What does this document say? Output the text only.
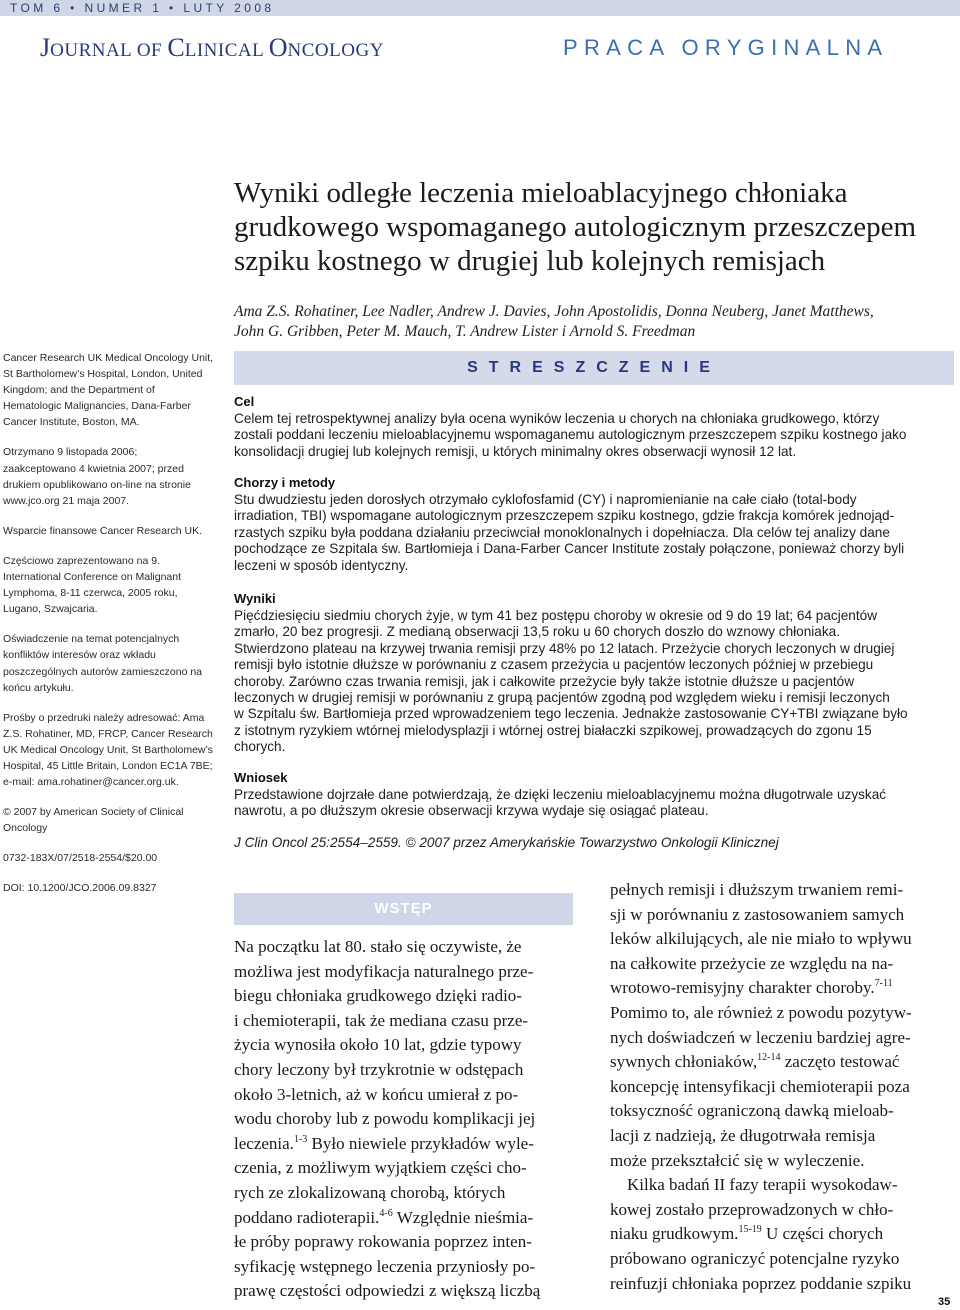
TOM 6 • NUMER 1 • LUTY 2008
JOURNAL OF CLINICAL ONCOLOGY	PRACA ORYGINALNA
Wyniki odległe leczenia mieloablacyjnego chłoniaka
grudkowego wspomaganego autologicznym przeszczepem
szpiku kostnego w drugiej lub kolejnych remisjach
Ama Z.S. Rohatiner, Lee Nadler, Andrew J. Davies, John Apostolidis, Donna Neuberg, Janet Matthews,
John G. Gribben, Peter M. Mauch, T. Andrew Lister i Arnold S. Freedman

Cancer Research UK Medical Oncology Unit,
St Bartholomew’s Hospital, London, United
Kingdom; and the Department of
Hematologic Malignancies, Dana-Farber
Cancer Institute, Boston, MA.

Otrzymano 9 listopada 2006;
zaakceptowano 4 kwietnia 2007; przed
drukiem opublikowano on-line na stronie
www.jco.org 21 maja 2007.

Wsparcie finansowe Cancer Research UK.

Częściowo zaprezentowano na 9.
International Conference on Malignant
Lymphoma, 8-11 czerwca, 2005 roku,
Lugano, Szwajcaria.

Oświadczenie na temat potencjalnych
konfliktów interesów oraz wkładu
poszczególnych autorów zamieszczono na
końcu artykułu.

Prośby o przedruki należy adresować: Ama
Z.S. Rohatiner, MD, FRCP, Cancer Research
UK Medical Oncology Unit, St Bartholomew’s
Hospital, 45 Little Britain, London EC1A 7BE;
e-mail: ama.rohatiner@cancer.org.uk.

© 2007 by American Society of Clinical
Oncology

0732-183X/07/2518-2554/$20.00

DOI: 10.1200/JCO.2006.09.8327

STRESZCZENIE
Cel
Celem tej retrospektywnej analizy była ocena wyników leczenia u chorych na chłoniaka grudkowego, którzy
zostali poddani leczeniu mieloablacyjnemu wspomaganemu autologicznym przeszczepem szpiku kostnego jako
konsolidacji drugiej lub kolejnych remisji, u których minimalny okres obserwacji wynosił 12 lat.
Chorzy i metody
Stu dwudziestu jeden dorosłych otrzymało cyklofosfamid (CY) i napromienianie na całe ciało (total-body
irradiation, TBI) wspomagane autologicznym przeszczepem szpiku kostnego, gdzie frakcja komórek jednojąd-
rzastych szpiku była poddana działaniu przeciwciał monoklonalnych i dopełniacza. Dla celów tej analizy dane
pochodzące ze Szpitala św. Bartłomieja i Dana-Farber Cancer Institute zostały połączone, ponieważ chorzy byli
leczeni w sposób identyczny.
Wyniki
Pięćdziesięciu siedmiu chorych żyje, w tym 41 bez postępu choroby w okresie od 9 do 19 lat; 64 pacjentów
zmarło, 20 bez progresji. Z medianą obserwacji 13,5 roku u 60 chorych doszło do wznowy chłoniaka.
Stwierdzono plateau na krzywej trwania remisji przy 48% po 12 latach. Przeżycie chorych leczonych w drugiej
remisji było istotnie dłuższe w porównaniu z czasem przeżycia u pacjentów leczonych później w przebiegu
choroby. Zarówno czas trwania remisji, jak i całkowite przeżycie były także istotnie dłuższe u pacjentów
leczonych w drugiej remisji w porównaniu z grupą pacjentów zgodną pod względem wieku i remisji leczonych
w Szpitalu św. Bartłomieja przed wprowadzeniem tego leczenia. Jednakże zastosowanie CY+TBI związane było
z istotnym ryzykiem wtórnej mielodysplazji i wtórnej ostrej białaczki szpikowej, prowadzących do zgonu 15
chorych.
Wniosek
Przedstawione dojrzałe dane potwierdzają, że dzięki leczeniu mieloablacyjnemu można długotrwale uzyskać
nawrotu, a po dłuższym okresie obserwacji krzywa wydaje się osiągać plateau.
J Clin Oncol 25:2554–2559. © 2007 przez Amerykańskie Towarzystwo Onkologii Klinicznej
WSTĘP
Na początku lat 80. stało się oczywiste, że
możliwa jest modyfikacja naturalnego prze-
biegu chłoniaka grudkowego dzięki radio-
i chemioterapii, tak że mediana czasu prze-
życia wynosiła około 10 lat, gdzie typowy
chory leczony był trzykrotnie w odstępach
około 3-letnich, aż w końcu umierał z po-
wodu choroby lub z powodu komplikacji jej
leczenia.$^{1-3}$ Było niewiele przykładów wyle-
czenia, z możliwym wyjątkiem części cho-
rych ze zlokalizowaną chorobą, których
poddano radioterapii.$^{4-6}$ Względnie nieśmia-
łe próby poprawy rokowania poprzez inten-
syfikację wstępnego leczenia przyniosły po-
prawę częstości odpowiedzi z większą liczbą
pełnych remisji i dłuższym trwaniem remi-
sji w porównaniu z zastosowaniem samych
leków alkilujących, ale nie miało to wpływu
na całkowite przeżycie ze względu na na-
wrotowo-remisyjny charakter choroby.$^{7-11}$
Pomimo to, ale również z powodu pozytyw-
nych doświadczeń w leczeniu bardziej agre-
sywnych chłoniaków,$^{12-14}$ zaczęto testować
koncepcję intensyfikacji chemioterapii poza
toksyczność ograniczoną dawką mieloab-
lacji z nadzieją, że długotrwała remisja
może przekształcić się w wyleczenie.
Kilka badań II fazy terapii wysokodaw-
kowej zostało przeprowadzonych w chło-
niaku grudkowym.$^{15-19}$ U części chorych
próbowano ograniczyć potencjalne ryzyko
reinfuzji chłoniaka poprzez poddanie szpiku
35
